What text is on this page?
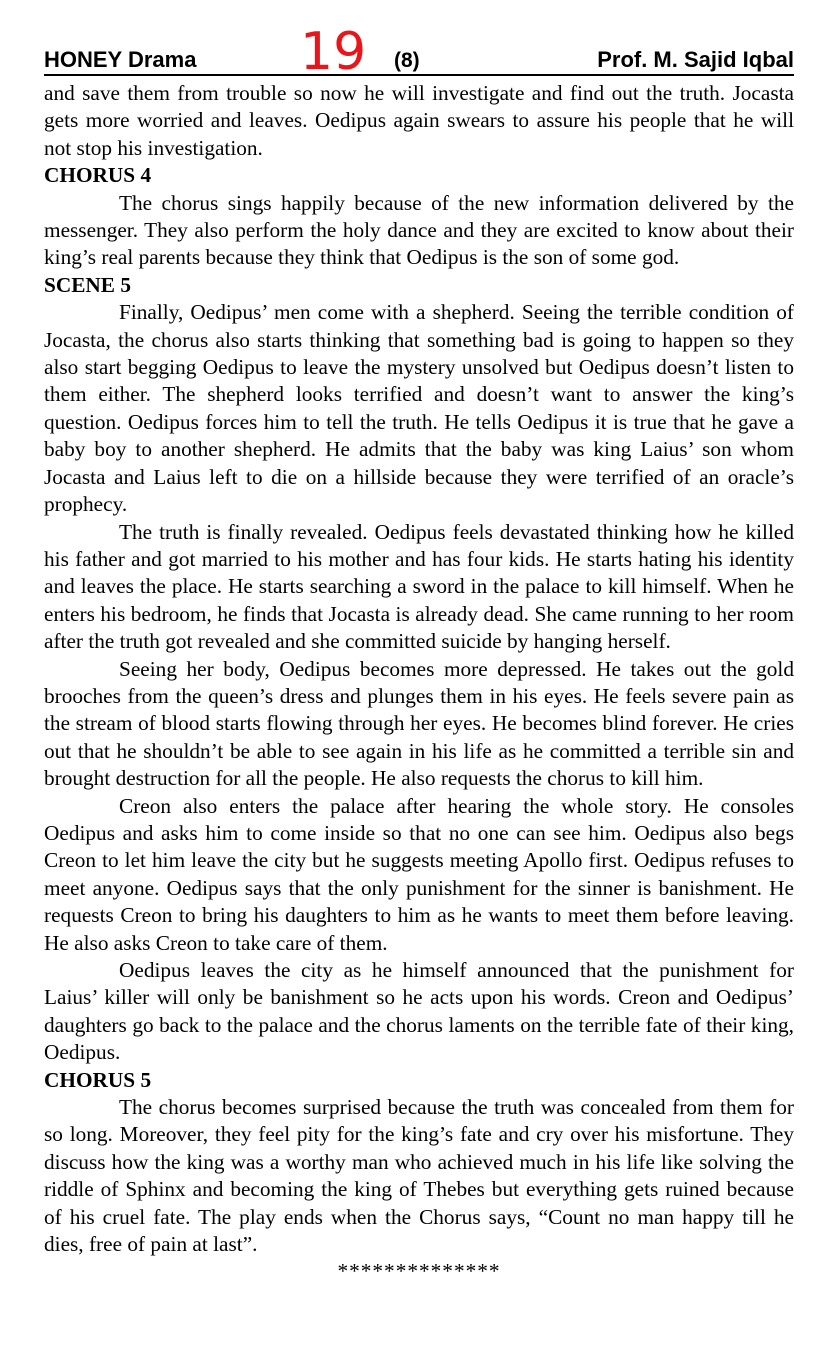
HONEY Drama 19 (8)	Prof. M. Sajid Iqbal

and save them from trouble so now he will investigate and find out the truth. Jocasta gets more worried and leaves. Oedipus again swears to assure his people that he will not stop his investigation.

CHORUS 4

The chorus sings happily because of the new information delivered by the messenger. They also perform the holy dance and they are excited to know about their king’s real parents because they think that Oedipus is the son of some god.

SCENE 5

Finally, Oedipus’ men come with a shepherd. Seeing the terrible condition of Jocasta, the chorus also starts thinking that something bad is going to happen so they also start begging Oedipus to leave the mystery unsolved but Oedipus doesn’t listen to them either. The shepherd looks terrified and doesn’t want to answer the king’s question. Oedipus forces him to tell the truth. He tells Oedipus it is true that he gave a baby boy to another shepherd. He admits that the baby was king Laius’ son whom Jocasta and Laius left to die on a hillside because they were terrified of an oracle’s prophecy.

The truth is finally revealed. Oedipus feels devastated thinking how he killed his father and got married to his mother and has four kids. He starts hating his identity and leaves the place. He starts searching a sword in the palace to kill himself. When he enters his bedroom, he finds that Jocasta is already dead. She came running to her room after the truth got revealed and she committed suicide by hanging herself.

Seeing her body, Oedipus becomes more depressed. He takes out the gold brooches from the queen’s dress and plunges them in his eyes. He feels severe pain as the stream of blood starts flowing through her eyes. He becomes blind forever. He cries out that he shouldn’t be able to see again in his life as he committed a terrible sin and brought destruction for all the people. He also requests the chorus to kill him.

Creon also enters the palace after hearing the whole story. He consoles Oedipus and asks him to come inside so that no one can see him. Oedipus also begs Creon to let him leave the city but he suggests meeting Apollo first. Oedipus refuses to meet anyone. Oedipus says that the only punishment for the sinner is banishment. He requests Creon to bring his daughters to him as he wants to meet them before leaving. He also asks Creon to take care of them.

Oedipus leaves the city as he himself announced that the punishment for Laius’ killer will only be banishment so he acts upon his words. Creon and Oedipus’ daughters go back to the palace and the chorus laments on the terrible fate of their king, Oedipus.

CHORUS 5

The chorus becomes surprised because the truth was concealed from them for so long. Moreover, they feel pity for the king’s fate and cry over his misfortune. They discuss how the king was a worthy man who achieved much in his life like solving the riddle of Sphinx and becoming the king of Thebes but everything gets ruined because of his cruel fate. The play ends when the Chorus says, “Count no man happy till he dies, free of pain at last”.

**************
